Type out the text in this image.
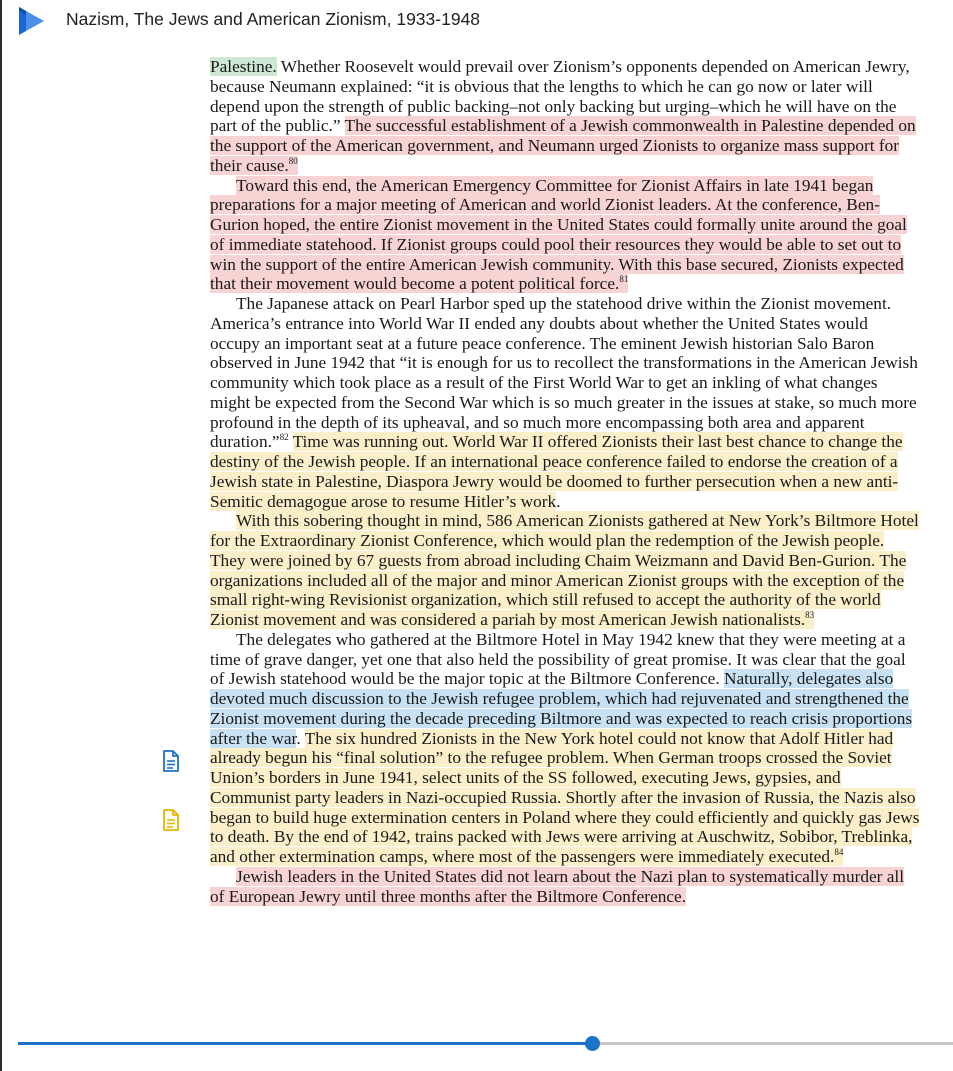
Nazism, The Jews and American Zionism, 1933-1948

Palestine. Whether Roosevelt would prevail over Zionism’s opponents depended on American Jewry, because Neumann explained: “it is obvious that the lengths to which he can go now or later will depend upon the strength of public backing–not only backing but urging–which he will have on the part of the public.” The successful establishment of a Jewish commonwealth in Palestine depended on the support of the American government, and Neumann urged Zionists to organize mass support for their cause.$^{80}$

Toward this end, the American Emergency Committee for Zionist Affairs in late 1941 began preparations for a major meeting of American and world Zionist leaders. At the conference, Ben-Gurion hoped, the entire Zionist movement in the United States could formally unite around the goal of immediate statehood. If Zionist groups could pool their resources they would be able to set out to win the support of the entire American Jewish community. With this base secured, Zionists expected that their movement would become a potent political force.$^{81}$

The Japanese attack on Pearl Harbor sped up the statehood drive within the Zionist movement. America’s entrance into World War II ended any doubts about whether the United States would occupy an important seat at a future peace conference. The eminent Jewish historian Salo Baron observed in June 1942 that “it is enough for us to recollect the transformations in the American Jewish community which took place as a result of the First World War to get an inkling of what changes might be expected from the Second War which is so much greater in the issues at stake, so much more profound in the depth of its upheaval, and so much more encompassing both area and apparent duration.”$^{82}$ Time was running out. World War II offered Zionists their last best chance to change the destiny of the Jewish people. If an international peace conference failed to endorse the creation of a Jewish state in Palestine, Diaspora Jewry would be doomed to further persecution when a new anti-Semitic demagogue arose to resume Hitler’s work.

With this sobering thought in mind, 586 American Zionists gathered at New York’s Biltmore Hotel for the Extraordinary Zionist Conference, which would plan the redemption of the Jewish people. They were joined by 67 guests from abroad including Chaim Weizmann and David Ben-Gurion. The organizations included all of the major and minor American Zionist groups with the exception of the small right-wing Revisionist organization, which still refused to accept the authority of the world Zionist movement and was considered a pariah by most American Jewish nationalists.$^{83}$

The delegates who gathered at the Biltmore Hotel in May 1942 knew that they were meeting at a time of grave danger, yet one that also held the possibility of great promise. It was clear that the goal of Jewish statehood would be the major topic at the Biltmore Conference. Naturally, delegates also devoted much discussion to the Jewish refugee problem, which had rejuvenated and strengthened the Zionist movement during the decade preceding Biltmore and was expected to reach crisis proportions after the war. The six hundred Zionists in the New York hotel could not know that Adolf Hitler had already begun his “final solution” to the refugee problem. When German troops crossed the Soviet Union’s borders in June 1941, select units of the SS followed, executing Jews, gypsies, and Communist party leaders in Nazi-occupied Russia. Shortly after the invasion of Russia, the Nazis also began to build huge extermination centers in Poland where they could efficiently and quickly gas Jews to death. By the end of 1942, trains packed with Jews were arriving at Auschwitz, Sobibor, Treblinka, and other extermination camps, where most of the passengers were immediately executed.$^{84}$

Jewish leaders in the United States did not learn about the Nazi plan to systematically murder all of European Jewry until three months after the Biltmore Conference.
